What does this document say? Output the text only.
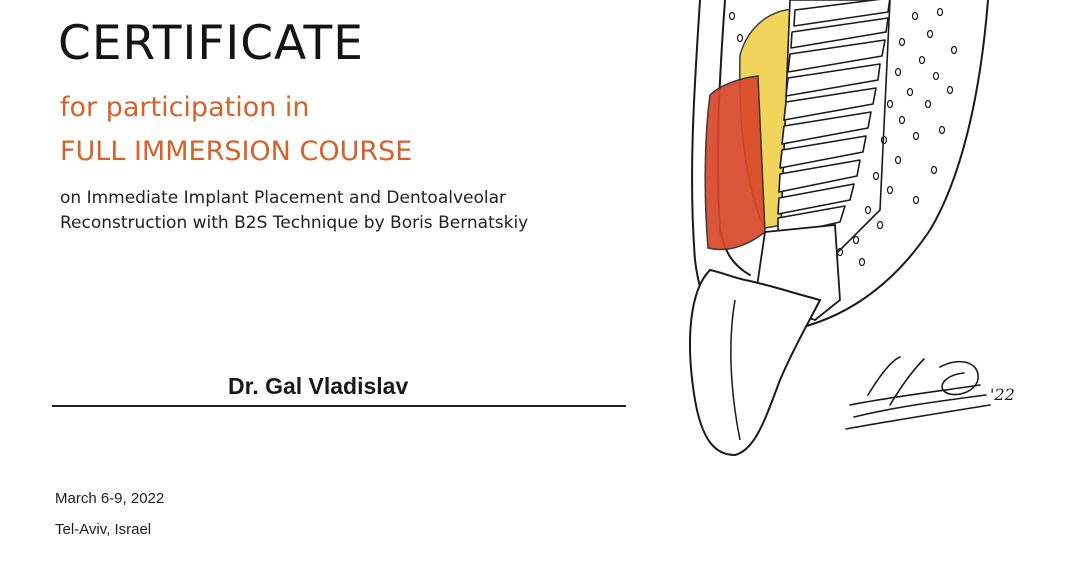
CERTIFICATE
for participation in
FULL IMMERSION COURSE
on Immediate Implant Placement and Dentoalveolar
Reconstruction with B2S Technique by Boris Bernatskiy
Dr. Gal Vladislav
March 6-9, 2022
Tel-Aviv, Israel
'22
